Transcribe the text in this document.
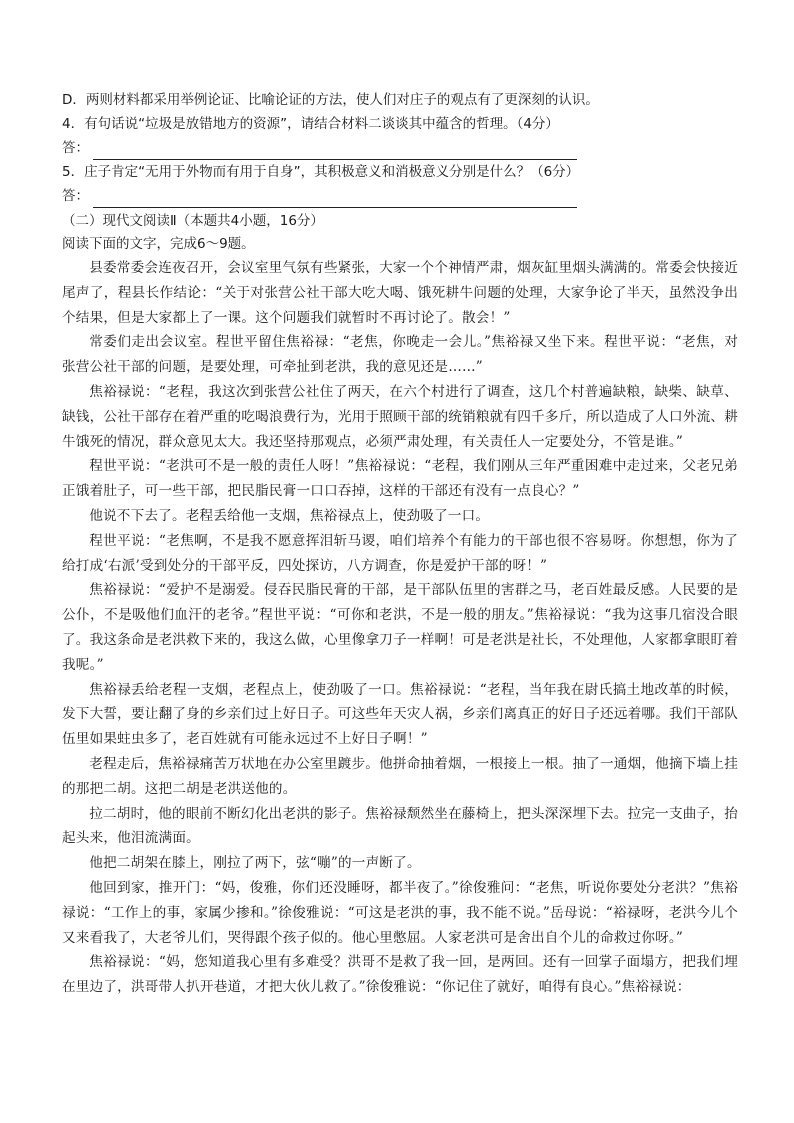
D．两则材料都采用举例论证、比喻论证的方法，使人们对庄子的观点有了更深刻的认识。
4．有句话说“垃圾是放错地方的资源”，请结合材料二谈谈其中蕴含的哲理。（4分）
答：
5．庄子肯定“无用于外物而有用于自身”，其积极意义和消极意义分别是什么？（6分）
答：
（二）现代文阅读Ⅱ（本题共4小题，16分）
阅读下面的文字，完成6～9题。

县委常委会连夜召开，会议室里气氛有些紧张，大家一个个神情严肃，烟灰缸里烟头满满的。常委会快接近尾声了，程县长作结论：“关于对张营公社干部大吃大喝、饿死耕牛问题的处理，大家争论了半天，虽然没争出个结果，但是大家都上了一课。这个问题我们就暂时不再讨论了。散会！”

常委们走出会议室。程世平留住焦裕禄：“老焦，你晚走一会儿。”焦裕禄又坐下来。程世平说：“老焦，对张营公社干部的问题，是要处理，可牵扯到老洪，我的意见还是……”

焦裕禄说：“老程，我这次到张营公社住了两天，在六个村进行了调查，这几个村普遍缺粮，缺柴、缺草、缺钱，公社干部存在着严重的吃喝浪费行为，光用于照顾干部的统销粮就有四千多斤，所以造成了人口外流、耕牛饿死的情况，群众意见太大。我还坚持那观点，必须严肃处理，有关责任人一定要处分，不管是谁。”

程世平说：“老洪可不是一般的责任人呀！”焦裕禄说：“老程，我们刚从三年严重困难中走过来，父老兄弟正饿着肚子，可一些干部，把民脂民膏一口口吞掉，这样的干部还有没有一点良心？”

他说不下去了。老程丢给他一支烟，焦裕禄点上，使劲吸了一口。

程世平说：“老焦啊，不是我不愿意挥泪斩马谡，咱们培养个有能力的干部也很不容易呀。你想想，你为了给打成‘右派’受到处分的干部平反，四处探访，八方调查，你是爱护干部的呀！”

焦裕禄说：“爱护不是溺爱。侵吞民脂民膏的干部，是干部队伍里的害群之马，老百姓最反感。人民要的是公仆，不是吸他们血汗的老爷。”程世平说：“可你和老洪，不是一般的朋友。”焦裕禄说：“我为这事几宿没合眼了。我这条命是老洪救下来的，我这么做，心里像拿刀子一样啊！可是老洪是社长，不处理他，人家都拿眼盯着我呢。”

焦裕禄丢给老程一支烟，老程点上，使劲吸了一口。焦裕禄说：“老程，当年我在尉氏搞土地改革的时候，发下大誓，要让翻了身的乡亲们过上好日子。可这些年天灾人祸，乡亲们离真正的好日子还远着哪。我们干部队伍里如果蛀虫多了，老百姓就有可能永远过不上好日子啊！”

老程走后，焦裕禄痛苦万状地在办公室里踱步。他拼命抽着烟，一根接上一根。抽了一通烟，他摘下墙上挂的那把二胡。这把二胡是老洪送他的。

拉二胡时，他的眼前不断幻化出老洪的影子。焦裕禄颓然坐在藤椅上，把头深深埋下去。拉完一支曲子，抬起头来，他泪流满面。

他把二胡架在膝上，刚拉了两下，弦“嘣”的一声断了。

他回到家，推开门：“妈，俊雅，你们还没睡呀，都半夜了。”徐俊雅问：“老焦，听说你要处分老洪？”焦裕禄说：“工作上的事，家属少掺和。”徐俊雅说：“可这是老洪的事，我不能不说。”岳母说：“裕禄呀，老洪今儿个又来看我了，大老爷儿们，哭得跟个孩子似的。他心里憋屈。人家老洪可是舍出自个儿的命救过你呀。”

焦裕禄说：“妈，您知道我心里有多难受？洪哥不是救了我一回，是两回。还有一回掌子面塌方，把我们埋在里边了，洪哥带人扒开巷道，才把大伙儿救了。”徐俊雅说：“你记住了就好，咱得有良心。”焦裕禄说：
